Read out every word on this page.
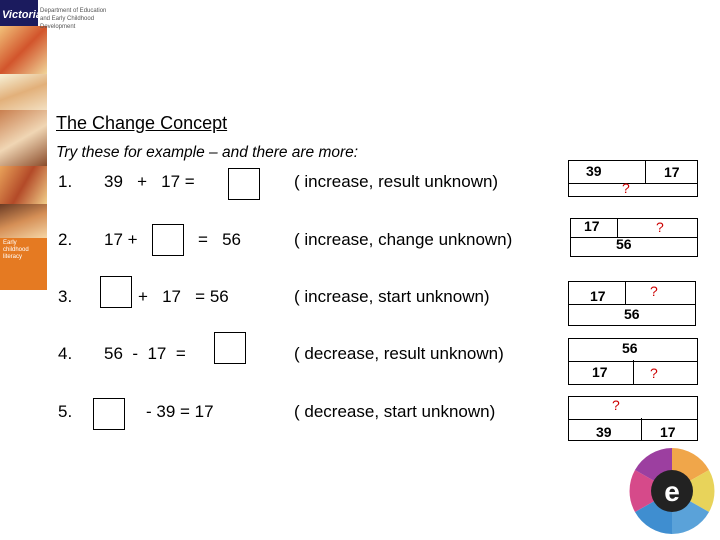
Early childhood literacy
Victoria
Department of Education and Early Childhood Development
The Change Concept
Try these for example – and there are more:
1. 39   +   17 =	( increase, result unknown)
2. 17 +	=   56	( increase, change unknown)
3.	+   17   = 56	( increase, start unknown)
4. 56  -  17  =	( decrease, result unknown)
5.	- 39 = 17	( decrease, start unknown)
39	17
?
17	?
56
17	?
56
56
17	?
?
39	17
e
